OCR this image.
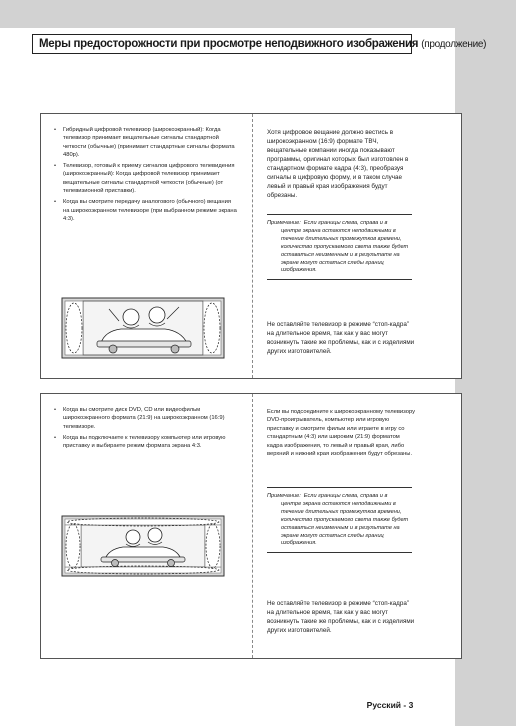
Меры предосторожности при просмотре неподвижного изображения (продолжение)
• Гибридный цифровой телевизор (широкоэкранный): Когда телевизор принимает вещательные сигналы стандартной четкости (обычные) (принимает стандартные сигналы формата 480p).
• Телевизор, готовый к приему сигналов цифрового телевидения (широкоэкранный): Когда цифровой телевизор принимает вещательные сигналы стандартной четкости (обычные) (от телевизионной приставки).
• Когда вы смотрите передачу аналогового (обычного) вещания на широкоэкранном телевизоре (при выбранном режиме экрана 4:3).

Хотя цифровое вещание должно вестись в широкоэкранном (16:9) формате ТВЧ, вещательные компании иногда показывают программы, оригинал которых был изготовлен в стандартном формате кадра (4:3), преобразуя сигналы в цифровую форму, и в таком случае левый и правый края изображения будут обрезаны.

Примечание: Если границы слева, справа и в
центре экрана остаются неподвижными в течение длительных промежутков времени, количество пропускаемого света также будет оставаться неизменным и в результате на экране могут остаться следы границ изображения.

Не оставляйте телевизор в режиме “стоп-кадра” на длительное время, так как у вас могут возникнуть такие же проблемы, как и с изделиями других изготовителей.

• Когда вы смотрите диск DVD, CD или видеофильм широкоэкранного формата (21:9) на широкоэкранном (16:9) телевизоре.
• Когда вы подключаете к телевизору компьютер или игровую приставку и выбираете режим формата экрана 4:3.

Если вы подсоедините к широкоэкранному телевизору DVD-проигрыватель, компьютер или игровую приставку и смотрите фильм или играете в игру со стандартным (4:3) или широким (21:9) форматом кадра изображения, то левый и правый края, либо верхний и нижний края изображения будут обрезаны.

Примечание: Если границы слева, справа и в
центре экрана остаются неподвижными в течение длительных промежутков времени, количество пропускаемого света также будет оставаться неизменным и в результате на экране могут остаться следы границ изображения.

Не оставляйте телевизор в режиме “стоп-кадра” на длительное время, так как у вас могут возникнуть такие же проблемы, как и с изделиями других изготовителей.

Русский - 3
